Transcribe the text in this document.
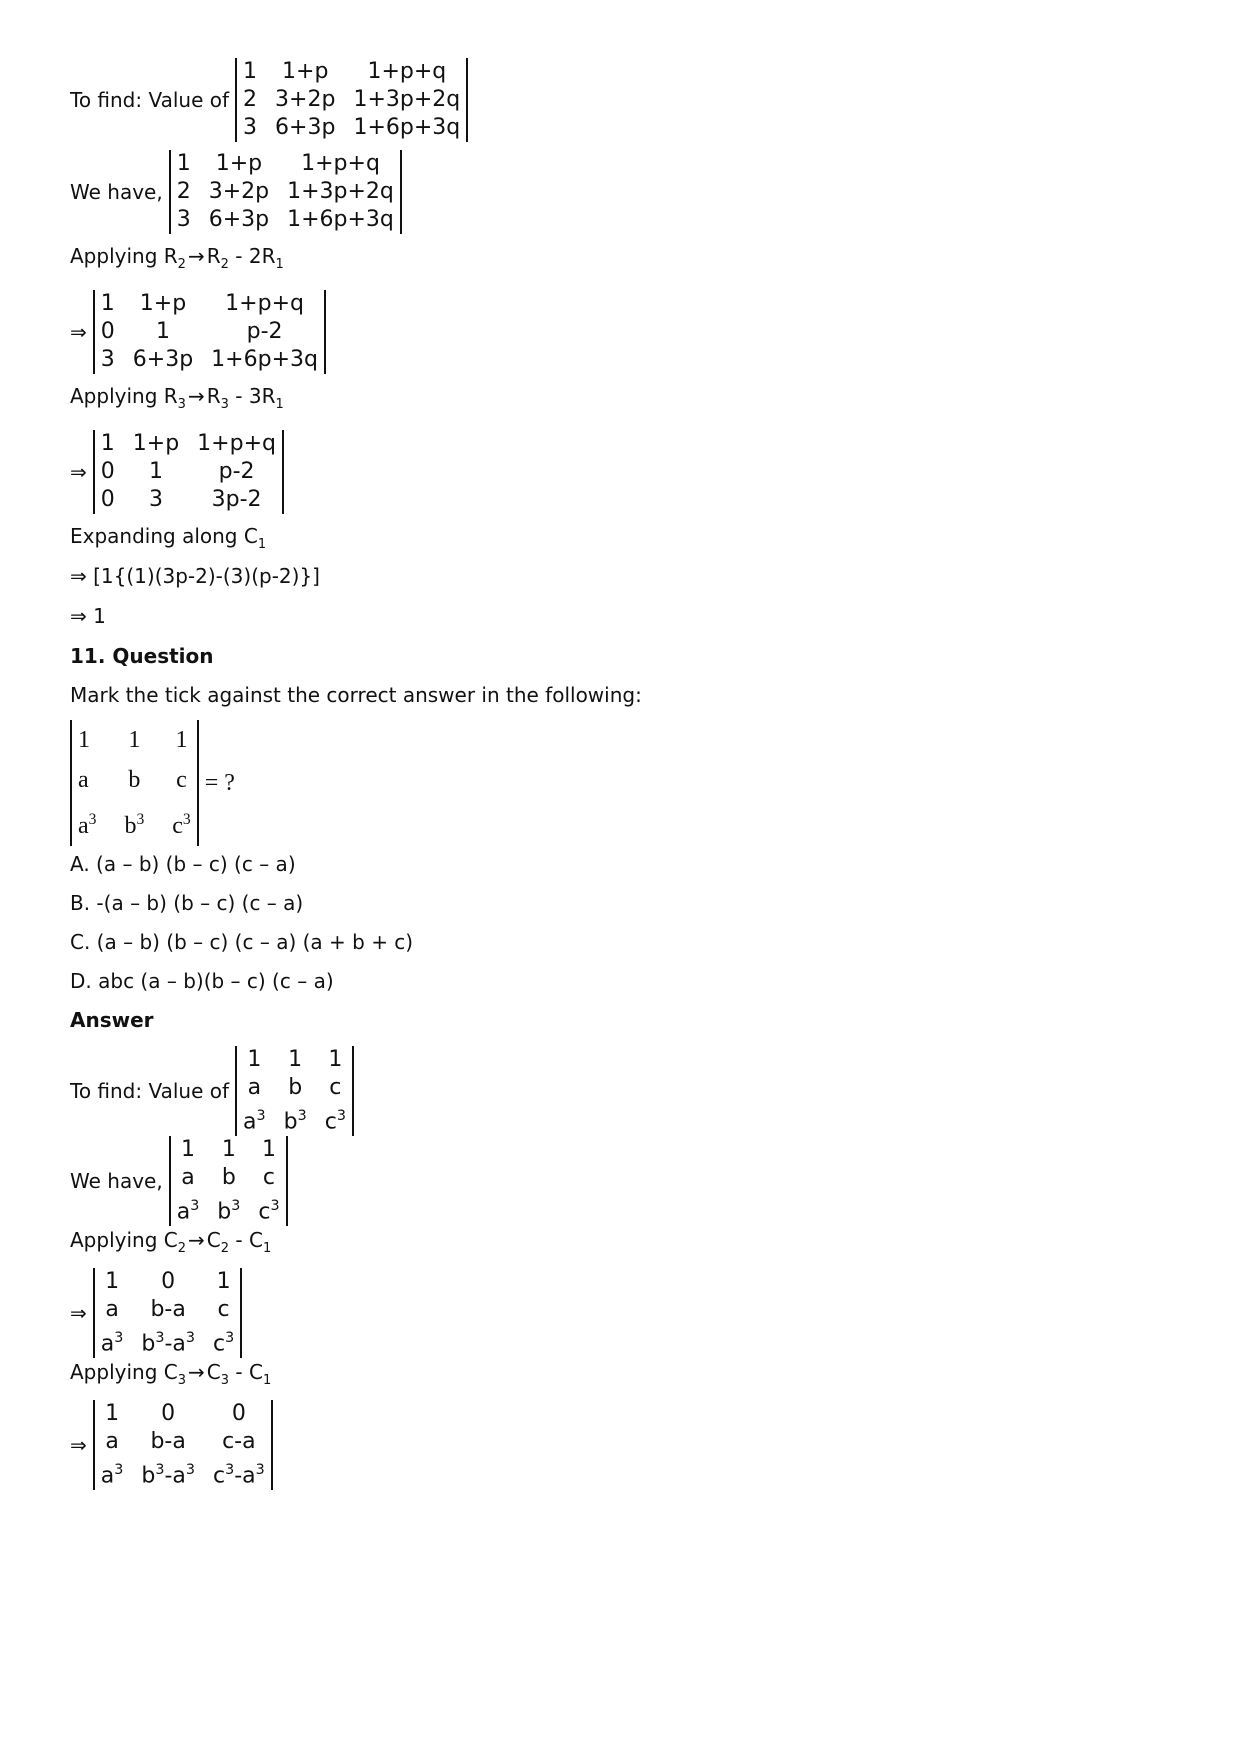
To find: Value of
1	1+p	1+p+q
2 3+2p 1+3p+2q
3 6+3p 1+6p+3q
We have,
1	1+p	1+p+q
2 3+2p 1+3p+2q
3 6+3p 1+6p+3q
Applying $R_2 \to R_2 - 2R_1$
⇒
1	1+p	1+p+q
0	1	p-2
3 6+3p 1+6p+3q
Applying $R_3 \to R_3 - 3R_1$
⇒
1 1+p 1+p+q
0	1	p-2
0	3	3p-2
Expanding along $C_1$
⇒ [1{(1)(3p-2)-(3)(p-2)}]
⇒ 1
11. Question
Mark the tick against the correct answer in the following:
1 1 1
a	b c
$a^3$ $b^3$ $c^3$
= ?
A. (a – b) (b – c) (c – a)
B. -(a – b) (b – c) (c – a)
C. (a – b) (b – c) (c – a) (a + b + c)
D. abc (a – b)(b – c) (c – a)
Answer
To find: Value of
1 1 1
a b c
$a^3$ $b^3$ $c^3$
We have,
1 1 1
a b c
$a^3$ $b^3$ $c^3$
Applying $C_2 \to C_2 - C_1$
⇒
1	0	1
a	b-a	c
$a^3$ $b^3-a^3$ $c^3$
Applying $C_3 \to C_3 - C_1$
⇒
1	0	0
a	b-a	c-a
$a^3$ $b^3-a^3$ $c^3-a^3$
